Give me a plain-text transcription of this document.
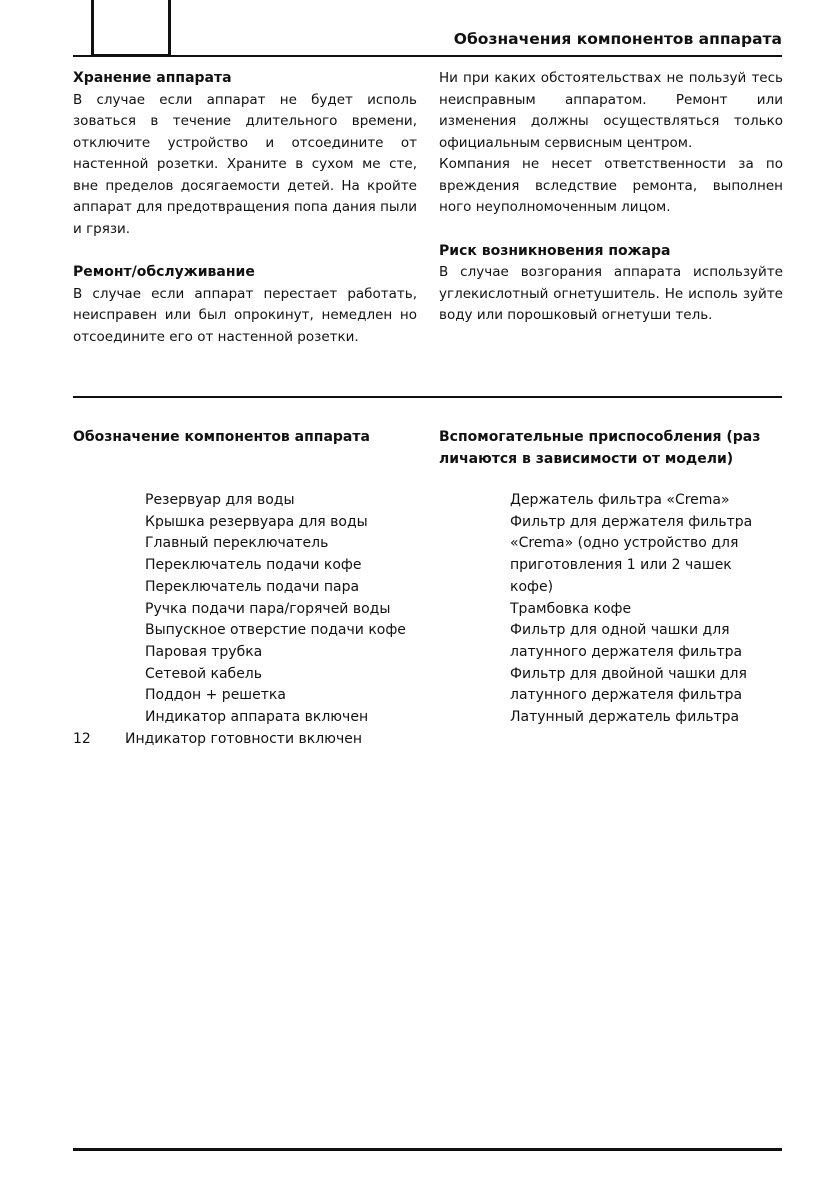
Обозначения компонентов аппарата

Хранение аппарата

В случае если аппарат не будет исполь зоваться в течение длительного времени, отключите устройство и отсоедините от настенной розетки. Храните в сухом ме сте, вне пределов досягаемости детей. На кройте аппарат для предотвращения попа дания пыли и грязи.

Ремонт/обслуживание

В случае если аппарат перестает работать, неисправен или был опрокинут, немедлен но отсоедините его от настенной розетки.

Ни при каких обстоятельствах не пользуй тесь неисправным аппаратом. Ремонт или изменения должны осуществляться только официальным сервисным центром.

Компания не несет ответственности за по вреждения вследствие ремонта, выполнен ного неуполномоченным лицом.

Риск возникновения пожара

В случае возгорания аппарата используйте углекислотный огнетушитель. Не исполь зуйте воду или порошковый огнетуши тель.

Обозначение компонентов аппарата	Вспомогательные приспособления (раз личаются в зависимости от модели)
Резервуар для воды
Крышка резервуара для воды
Главный переключатель
Переключатель подачи кофе
Переключатель подачи пара
Ручка подачи пара/горячей воды
Выпускное отверстие подачи кофе
Паровая трубка
Сетевой кабель
Поддон + решетка
Индикатор аппарата включен
Индикатор готовности включен
12
Держатель фильтра «Crema»
Фильтр для держателя фильтра «Crema» (одно устройство для приготовления 1 или 2 чашек кофе)
Трамбовка кофе
Фильтр для одной чашки для латунного держателя фильтра
Фильтр для двойной чашки для латунного держателя фильтра
Латунный держатель фильтра
